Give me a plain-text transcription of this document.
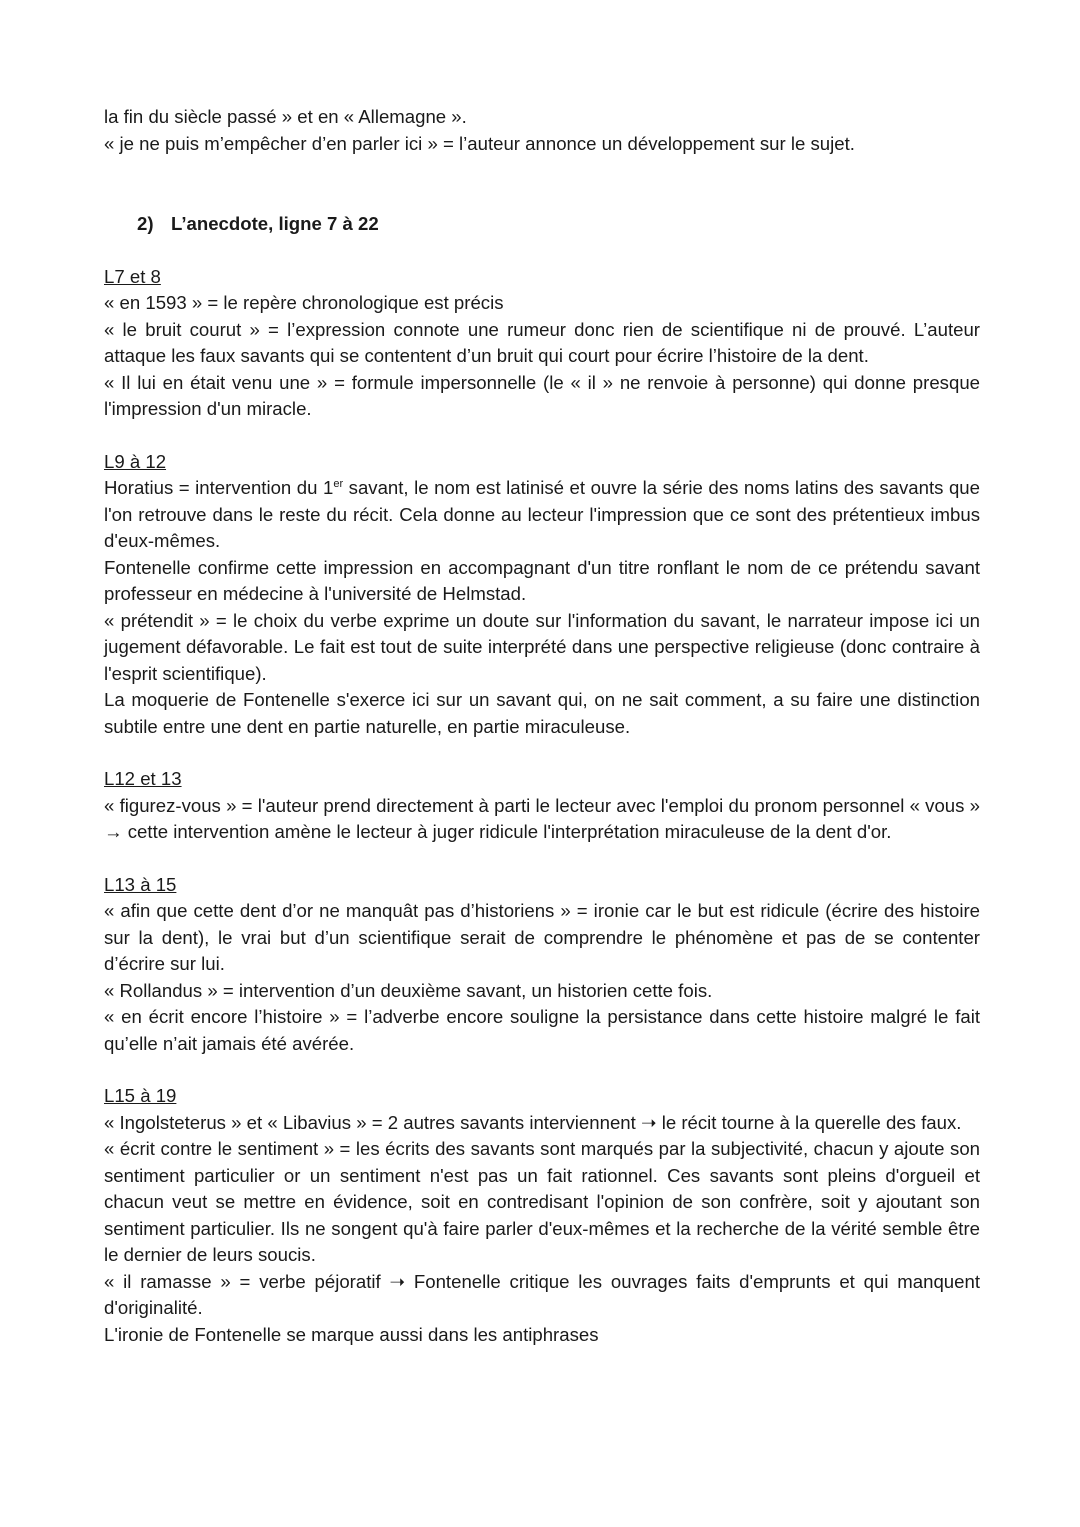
la fin du siècle passé » et en « Allemagne ».
« je ne puis m’empêcher d’en parler ici » = l’auteur annonce un développement sur le sujet.
2) L’anecdote, ligne 7 à 22
L7 et 8
« en 1593 » = le repère chronologique est précis
« le bruit courut » = l’expression connote une rumeur donc rien de scientifique ni de prouvé. L’auteur attaque les faux savants qui se contentent d’un bruit qui court pour écrire l’histoire de la dent.
« Il lui en était venu une » = formule impersonnelle (le « il » ne renvoie à personne) qui donne presque l'impression d'un miracle.
L9 à 12
Horatius = intervention du 1er savant, le nom est latinisé et ouvre la série des noms latins des savants que l'on retrouve dans le reste du récit. Cela donne au lecteur l'impression que ce sont des prétentieux imbus d'eux-mêmes.
Fontenelle confirme cette impression en accompagnant d'un titre ronflant le nom de ce prétendu savant professeur en médecine à l'université de Helmstad.
« prétendit » = le choix du verbe exprime un doute sur l'information du savant, le narrateur impose ici un jugement défavorable. Le fait est tout de suite interprété dans une perspective religieuse (donc contraire à l'esprit scientifique).
La moquerie de Fontenelle s'exerce ici sur un savant qui, on ne sait comment, a su faire une distinction subtile entre une dent en partie naturelle, en partie miraculeuse.
L12 et 13
« figurez-vous » = l'auteur prend directement à parti le lecteur avec l'emploi du pronom personnel « vous » → cette intervention amène le lecteur à juger ridicule l'interprétation miraculeuse de la dent d'or.
L13 à 15
« afin que cette dent d’or ne manquât pas d’historiens » = ironie car le but est ridicule (écrire des histoire sur la dent), le vrai but d’un scientifique serait de comprendre le phénomène et pas de se contenter d’écrire sur lui.
« Rollandus » = intervention d’un deuxième savant, un historien cette fois.
« en écrit encore l’histoire » = l’adverbe encore souligne la persistance dans cette histoire malgré le fait qu’elle n’ait jamais été avérée.
L15 à 19
« Ingolsteterus » et « Libavius » = 2 autres savants interviennent ➝ le récit tourne à la querelle des faux.
« écrit contre le sentiment » = les écrits des savants sont marqués par la subjectivité, chacun y ajoute son sentiment particulier or un sentiment n'est pas un fait rationnel. Ces savants sont pleins d'orgueil et chacun veut se mettre en évidence, soit en contredisant l'opinion de son confrère, soit y ajoutant son sentiment particulier. Ils ne songent qu'à faire parler d'eux-mêmes et la recherche de la vérité semble être le dernier de leurs soucis.
« il ramasse » = verbe péjoratif ➝ Fontenelle critique les ouvrages faits d'emprunts et qui manquent d'originalité.
L'ironie de Fontenelle se marque aussi dans les antiphrases
